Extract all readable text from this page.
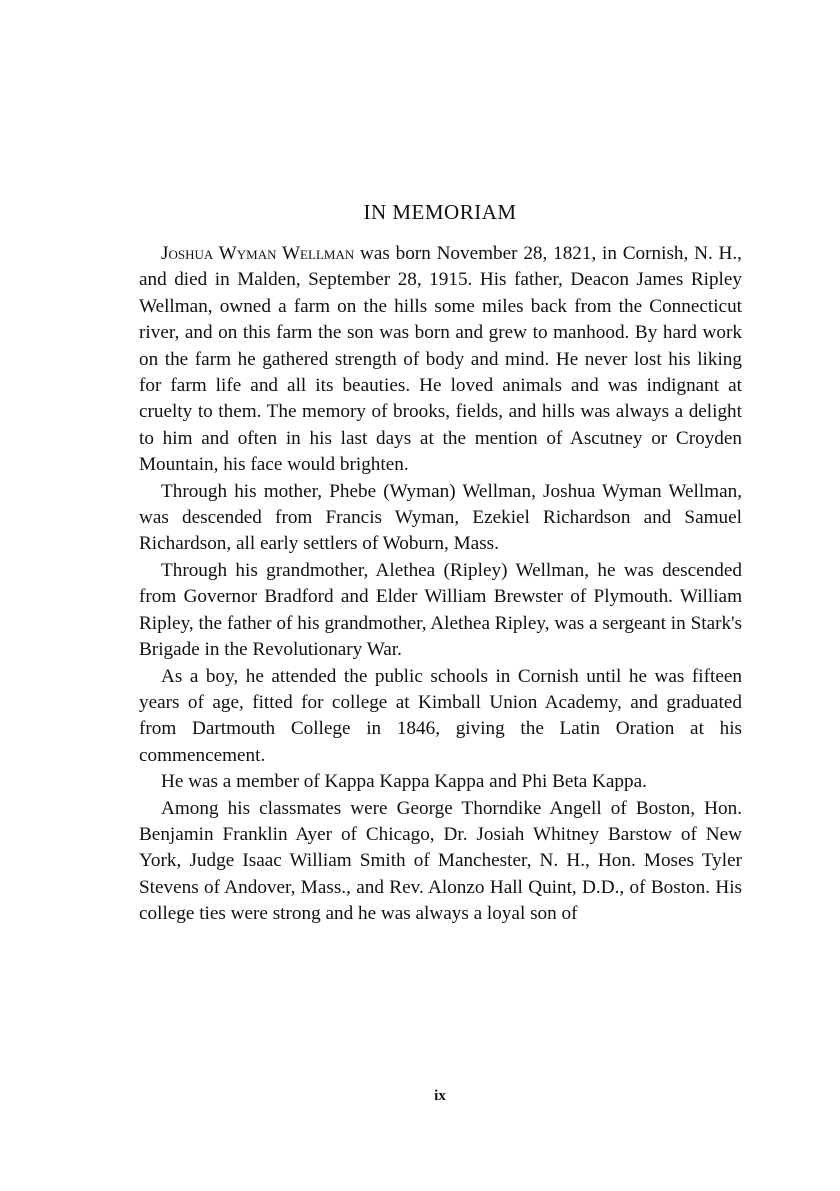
IN MEMORIAM

Joshua Wyman Wellman was born November 28, 1821, in Cornish, N. H., and died in Malden, September 28, 1915. His father, Deacon James Ripley Wellman, owned a farm on the hills some miles back from the Connecticut river, and on this farm the son was born and grew to manhood. By hard work on the farm he gathered strength of body and mind. He never lost his liking for farm life and all its beauties. He loved animals and was indignant at cruelty to them. The memory of brooks, fields, and hills was always a delight to him and often in his last days at the mention of Ascutney or Croyden Mountain, his face would brighten.

Through his mother, Phebe (Wyman) Wellman, Joshua Wyman Wellman, was descended from Francis Wyman, Ezekiel Richardson and Samuel Richardson, all early settlers of Woburn, Mass.

Through his grandmother, Alethea (Ripley) Wellman, he was descended from Governor Bradford and Elder William Brewster of Plymouth. William Ripley, the father of his grandmother, Alethea Ripley, was a sergeant in Stark's Brigade in the Revolutionary War.

As a boy, he attended the public schools in Cornish until he was fifteen years of age, fitted for college at Kimball Union Academy, and graduated from Dartmouth College in 1846, giving the Latin Oration at his commencement.

He was a member of Kappa Kappa Kappa and Phi Beta Kappa.

Among his classmates were George Thorndike Angell of Boston, Hon. Benjamin Franklin Ayer of Chicago, Dr. Josiah Whitney Barstow of New York, Judge Isaac William Smith of Manchester, N. H., Hon. Moses Tyler Stevens of Andover, Mass., and Rev. Alonzo Hall Quint, D.D., of Boston. His college ties were strong and he was always a loyal son of

ix
